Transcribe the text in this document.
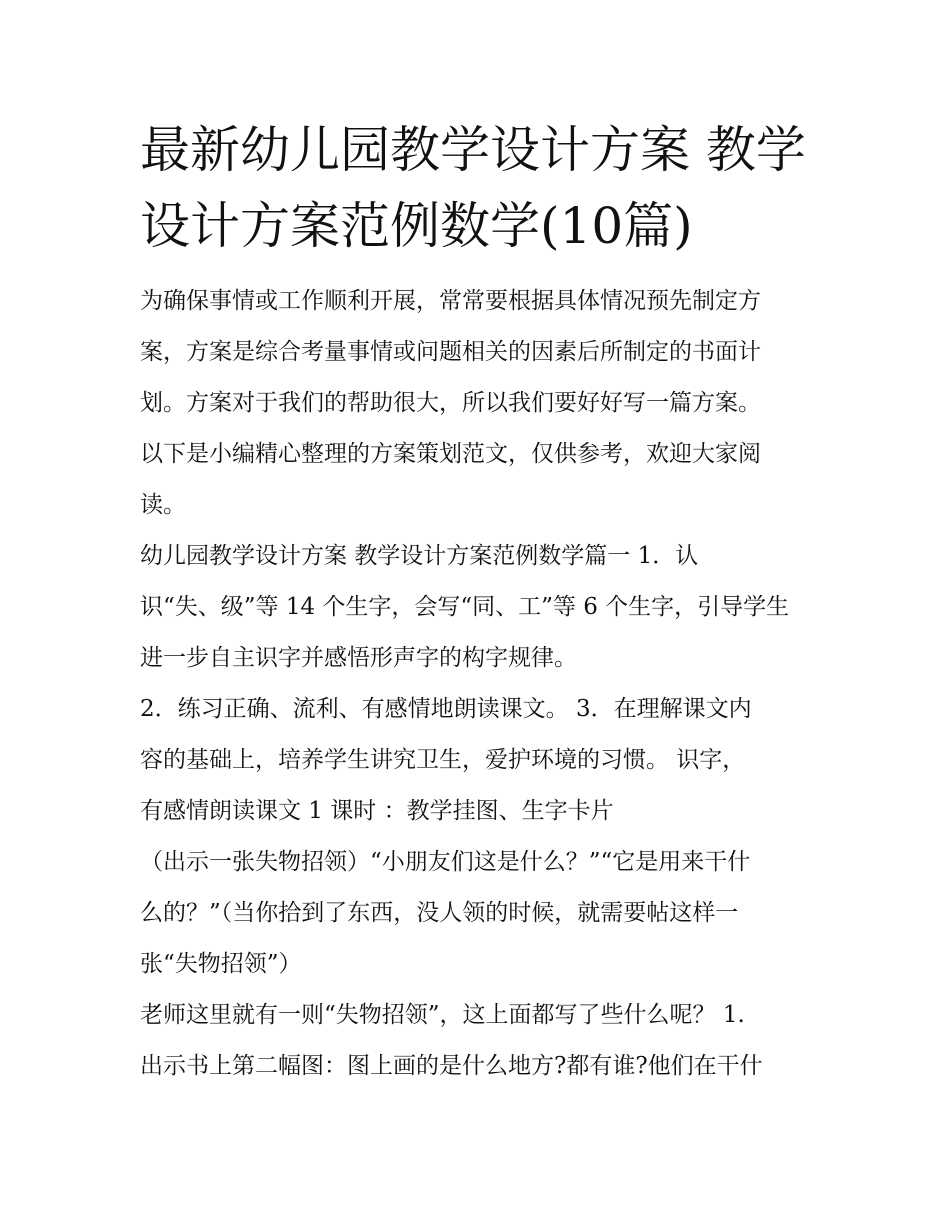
最新幼儿园教学设计方案 教学
设计方案范例数学(10篇)
为确保事情或工作顺利开展，常常要根据具体情况预先制定方
案，方案是综合考量事情或问题相关的因素后所制定的书面计
划。方案对于我们的帮助很大，所以我们要好好写一篇方案。
以下是小编精心整理的方案策划范文，仅供参考，欢迎大家阅
读。
幼儿园教学设计方案 教学设计方案范例数学篇一 1．认
识“失、级”等 14 个生字，会写“同、工”等 6 个生字，引导学生
进一步自主识字并感悟形声字的构字规律。
2．练习正确、流利、有感情地朗读课文。 3．在理解课文内
容的基础上，培养学生讲究卫生，爱护环境的习惯。 识字，
有感情朗读课文 1 课时 ：教学挂图、生字卡片
（出示一张失物招领）“小朋友们这是什么？”“它是用来干什
么的？”（当你拾到了东西，没人领的时候，就需要帖这样一
张“失物招领”）
老师这里就有一则“失物招领”，这上面都写了些什么呢？ 1.
出示书上第二幅图：图上画的是什么地方?都有谁?他们在干什
